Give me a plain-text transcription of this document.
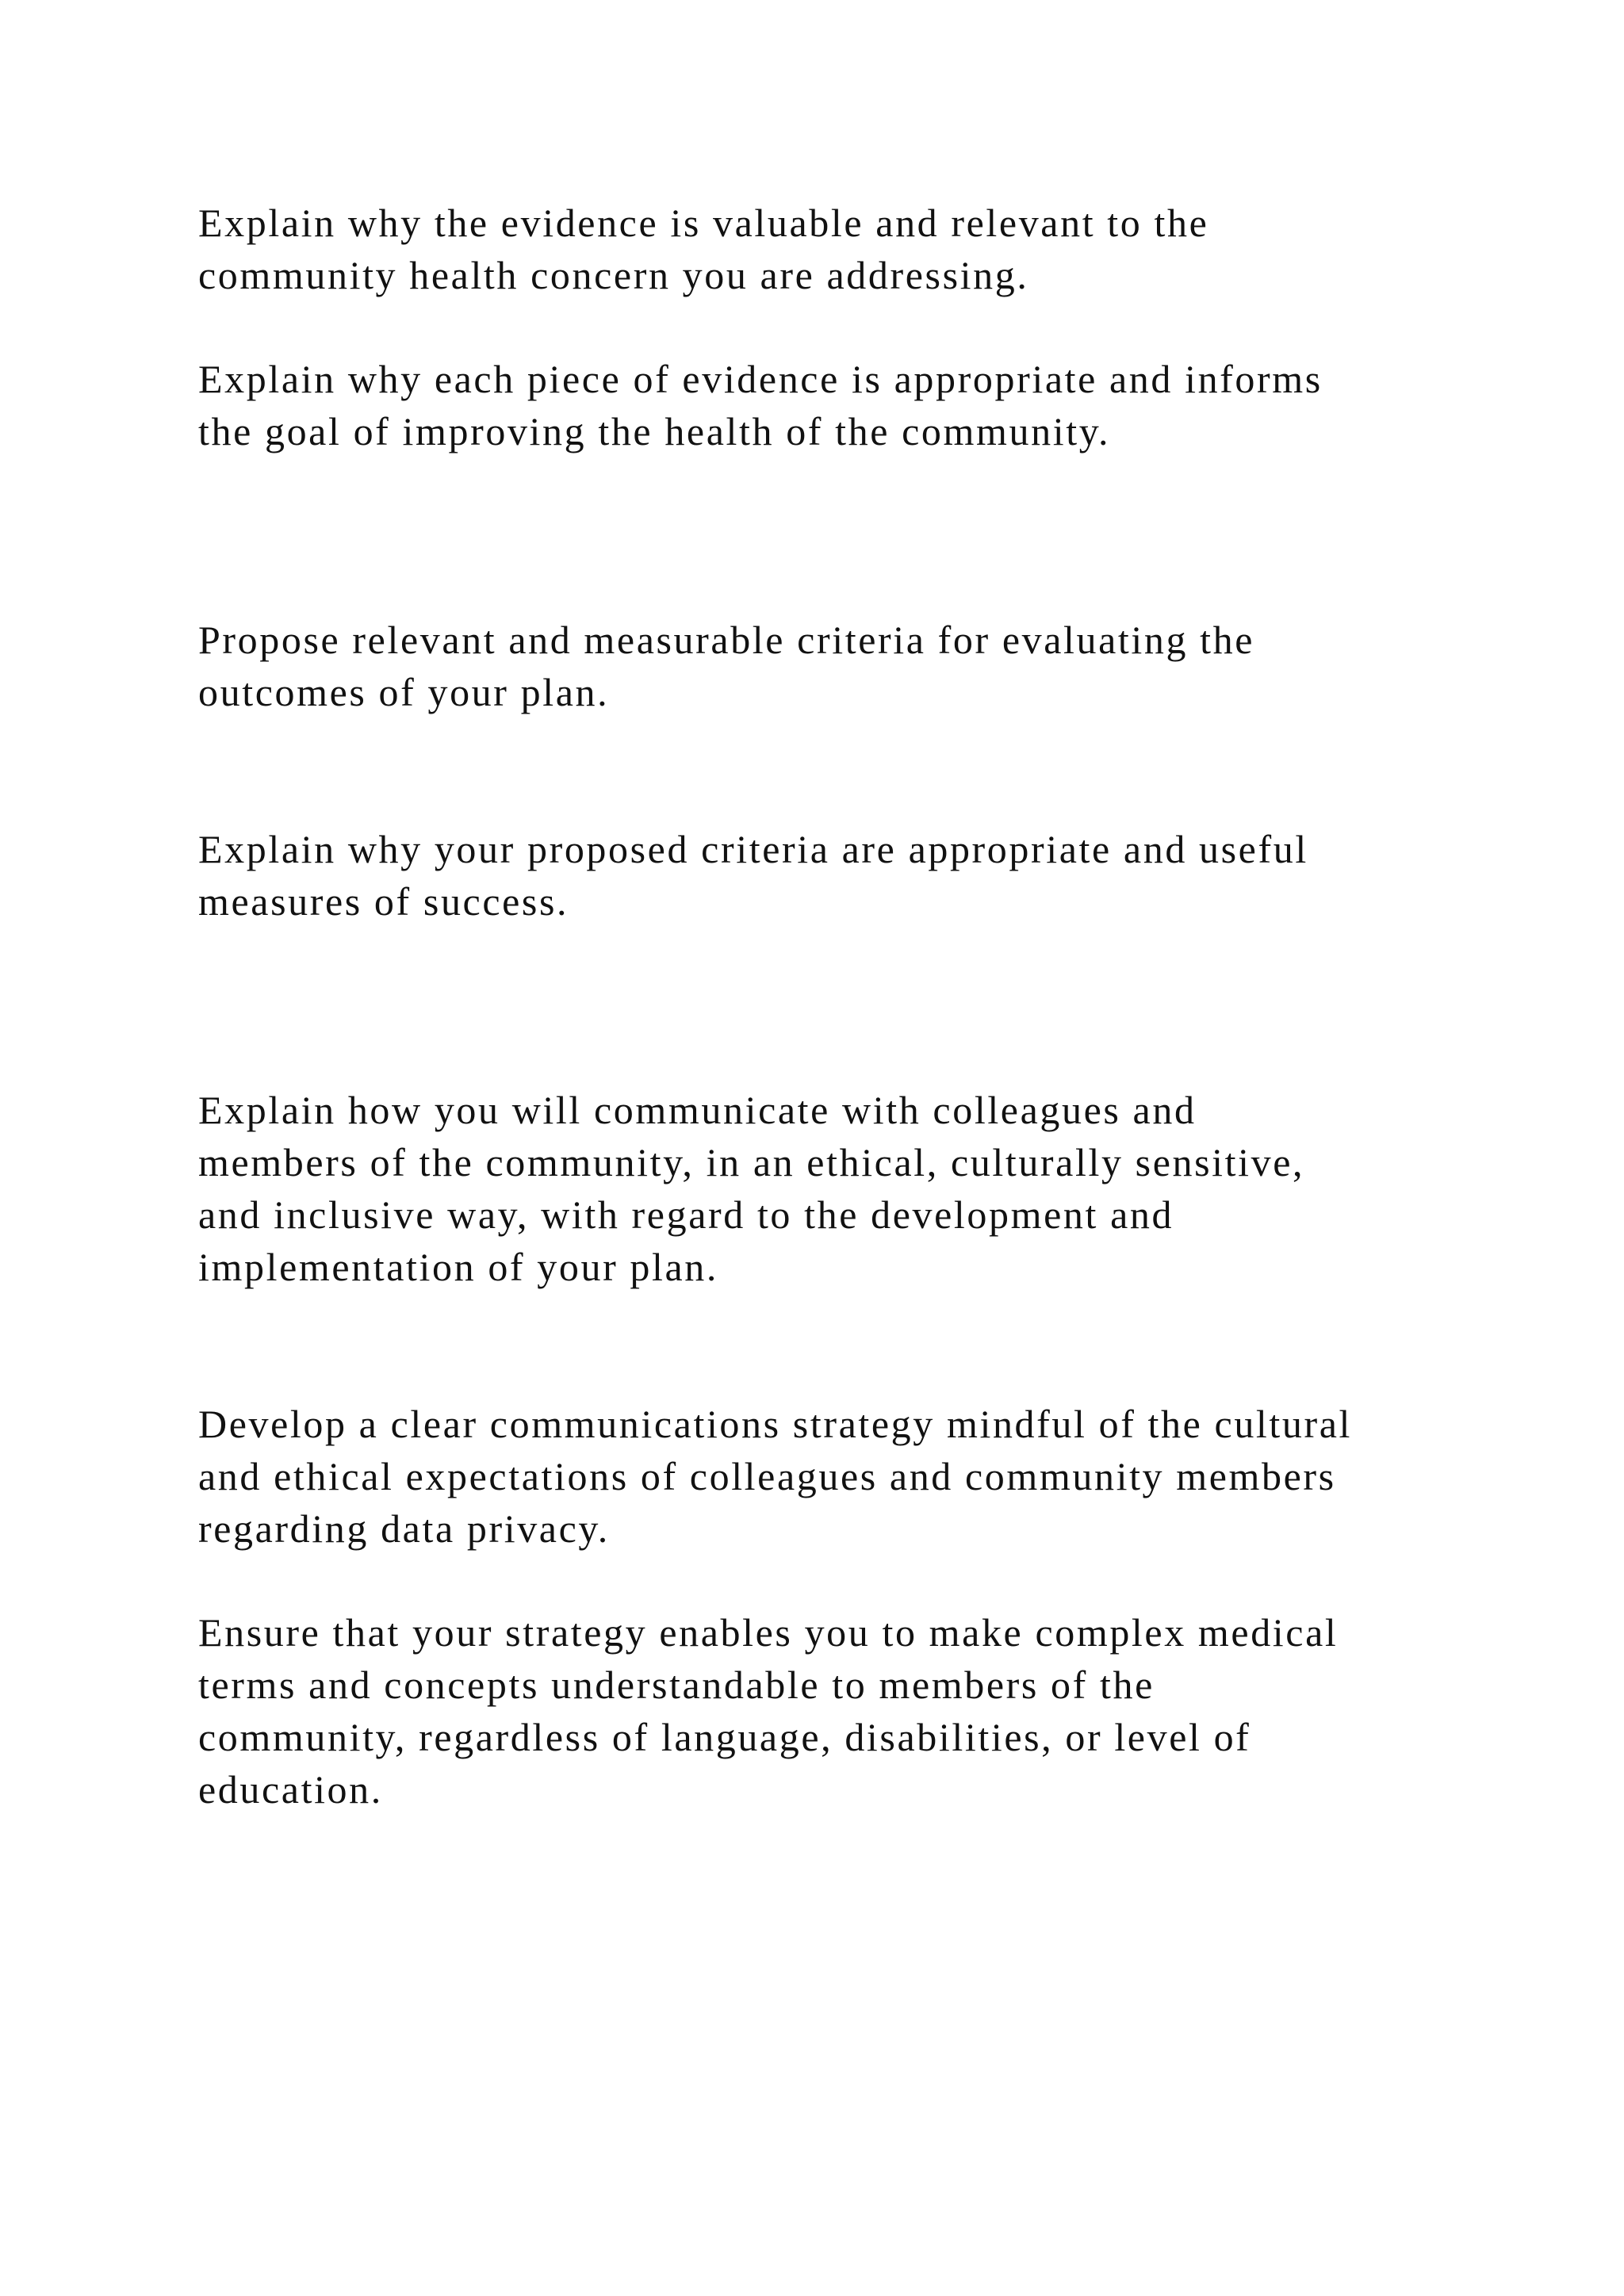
Explain why the evidence is valuable and relevant to the
community health concern you are addressing.

Explain why each piece of evidence is appropriate and informs
the goal of improving the health of the community.

Propose relevant and measurable criteria for evaluating the
outcomes of your plan.

Explain why your proposed criteria are appropriate and useful
measures of success.

Explain how you will communicate with colleagues and
members of the community, in an ethical, culturally sensitive,
and inclusive way, with regard to the development and
implementation of your plan.

Develop a clear communications strategy mindful of the cultural
and ethical expectations of colleagues and community members
regarding data privacy.

Ensure that your strategy enables you to make complex medical
terms and concepts understandable to members of the
community, regardless of language, disabilities, or level of
education.
